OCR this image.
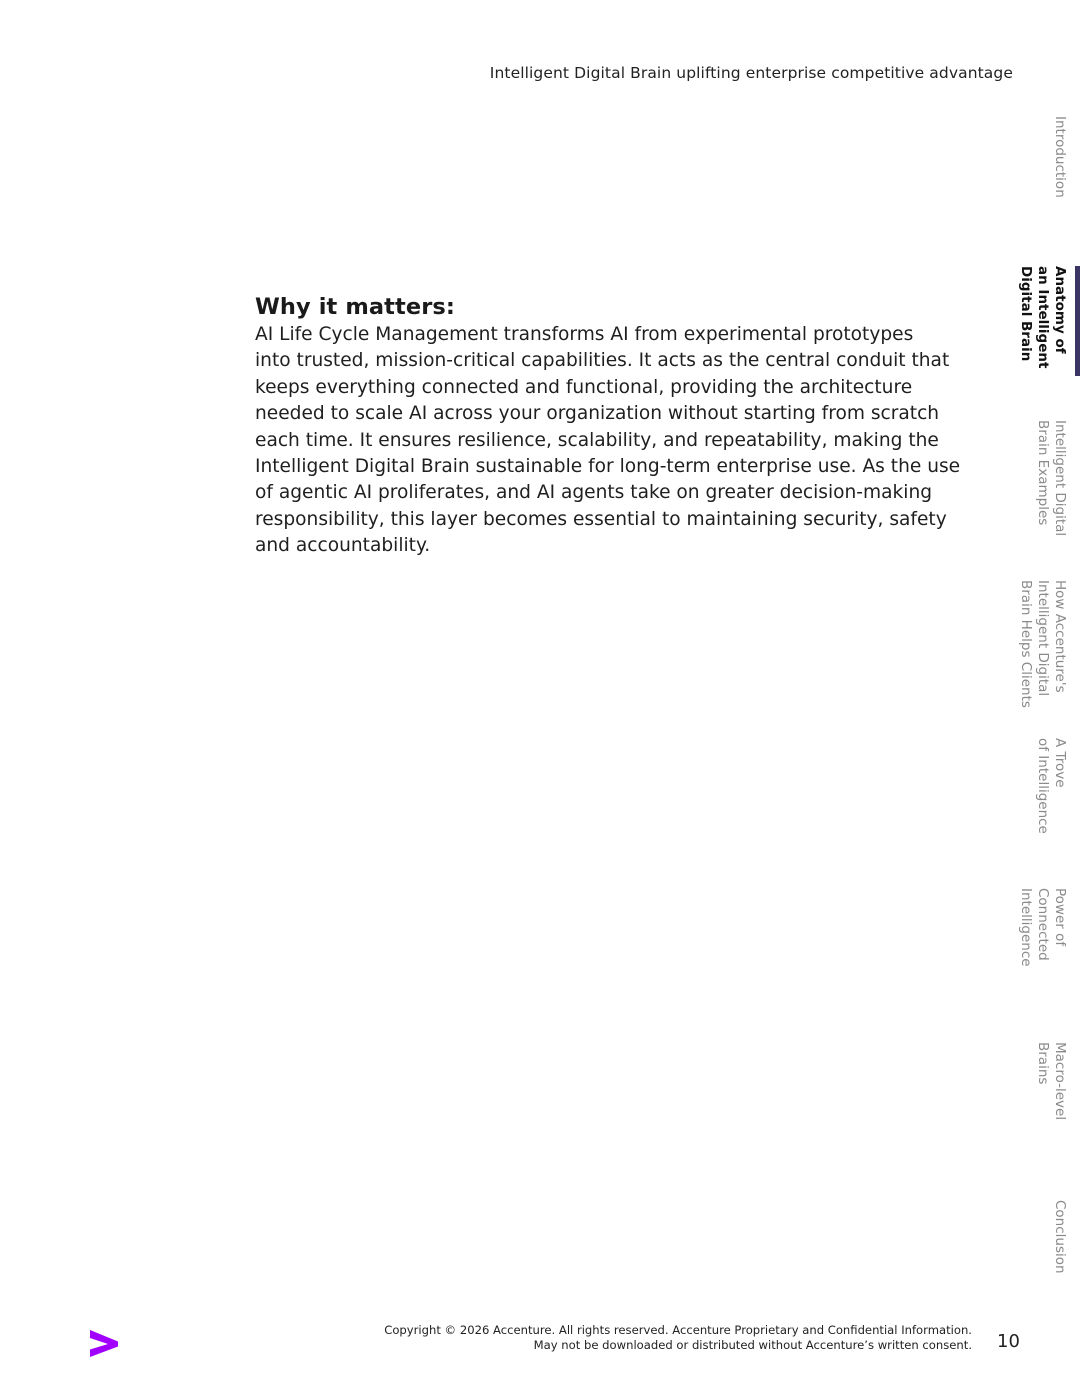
Intelligent Digital Brain uplifting enterprise competitive advantage
Why it matters:
AI Life Cycle Management transforms AI from experimental prototypes
into trusted, mission-critical capabilities. It acts as the central conduit that
keeps everything connected and functional, providing the architecture
needed to scale AI across your organization without starting from scratch
each time. It ensures resilience, scalability, and repeatability, making the
Intelligent Digital Brain sustainable for long-term enterprise use. As the use
of agentic AI proliferates, and AI agents take on greater decision-making
responsibility, this layer becomes essential to maintaining security, safety
and accountability.
Introduction
Anatomy of
an Intelligent
Digital Brain
Intelligent Digital
Brain Examples
How Accenture's
Intelligent Digital
Brain Helps Clients
A Trove
of Intelligence
Power of
Connected
Intelligence
Macro-level
Brains
Conclusion
Copyright © 2026 Accenture. All rights reserved. Accenture Proprietary and Confidential Information.
May not be downloaded or distributed without Accenture’s written consent. 10
